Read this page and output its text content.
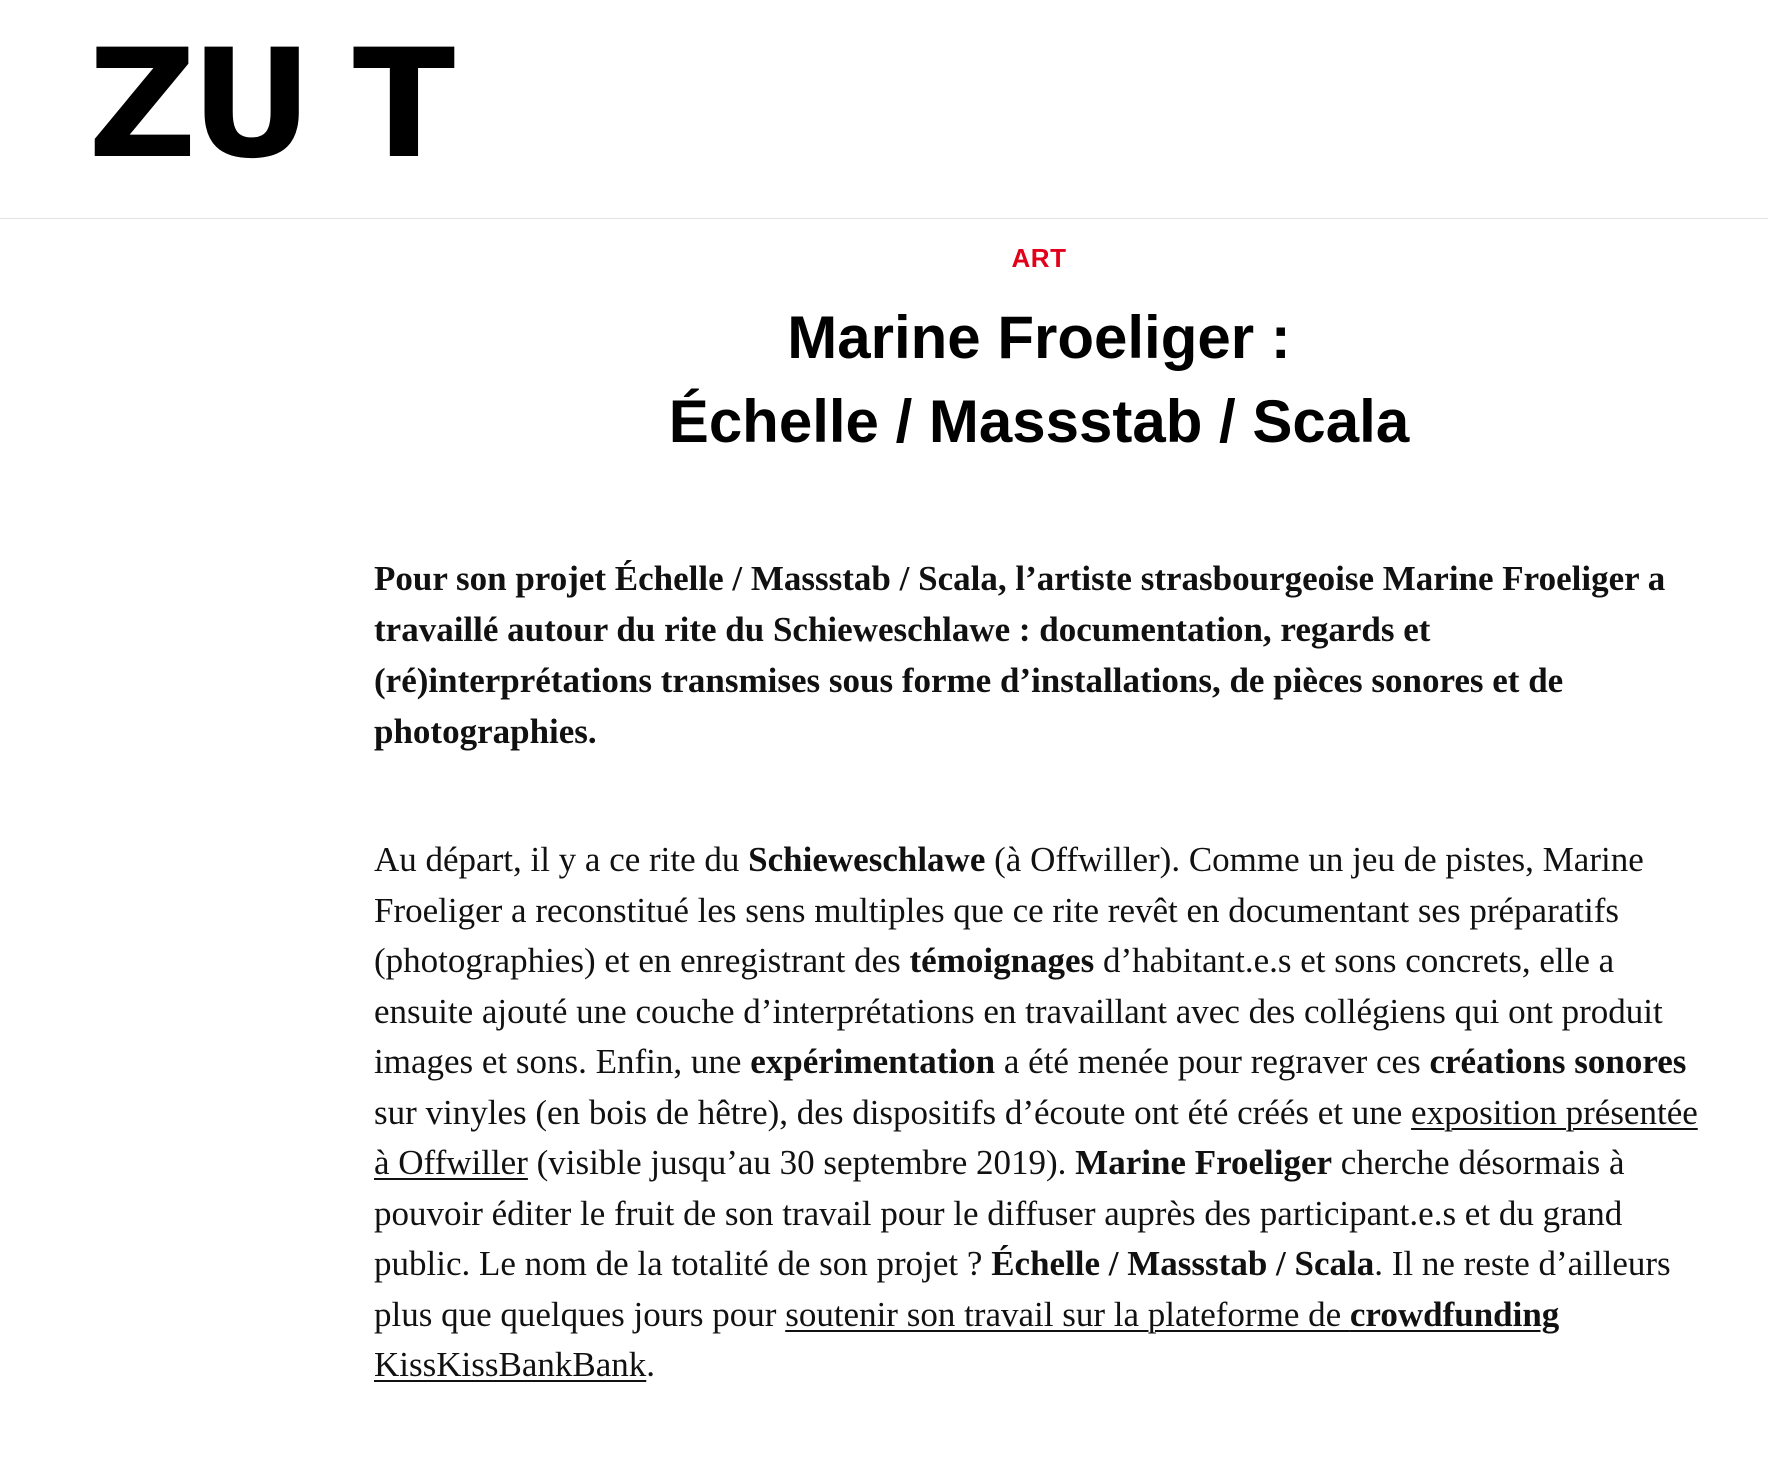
ZU T
ART
Marine Froeliger :
Échelle / Massstab / Scala

Pour son projet Échelle / Massstab / Scala, l’artiste strasbourgeoise Marine Froeliger a travaillé autour du rite du Schieweschlawe : documentation, regards et (ré)interprétations transmises sous forme d’installations, de pièces sonores et de photographies.

Au départ, il y a ce rite du Schieweschlawe (à Offwiller). Comme un jeu de pistes, Marine Froeliger a reconstitué les sens multiples que ce rite revêt en documentant ses préparatifs (photographies) et en enregistrant des témoignages d’habitant.e.s et sons concrets, elle a ensuite ajouté une couche d’interprétations en travaillant avec des collégiens qui ont produit images et sons. Enfin, une expérimentation a été menée pour regraver ces créations sonores sur vinyles (en bois de hêtre), des dispositifs d’écoute ont été créés et une exposition présentée à Offwiller (visible jusqu’au 30 septembre 2019). Marine Froeliger cherche désormais à pouvoir éditer le fruit de son travail pour le diffuser auprès des participant.e.s et du grand public. Le nom de la totalité de son projet ? Échelle / Massstab / Scala. Il ne reste d’ailleurs plus que quelques jours pour soutenir son travail sur la plateforme de crowdfunding KissKissBankBank.
